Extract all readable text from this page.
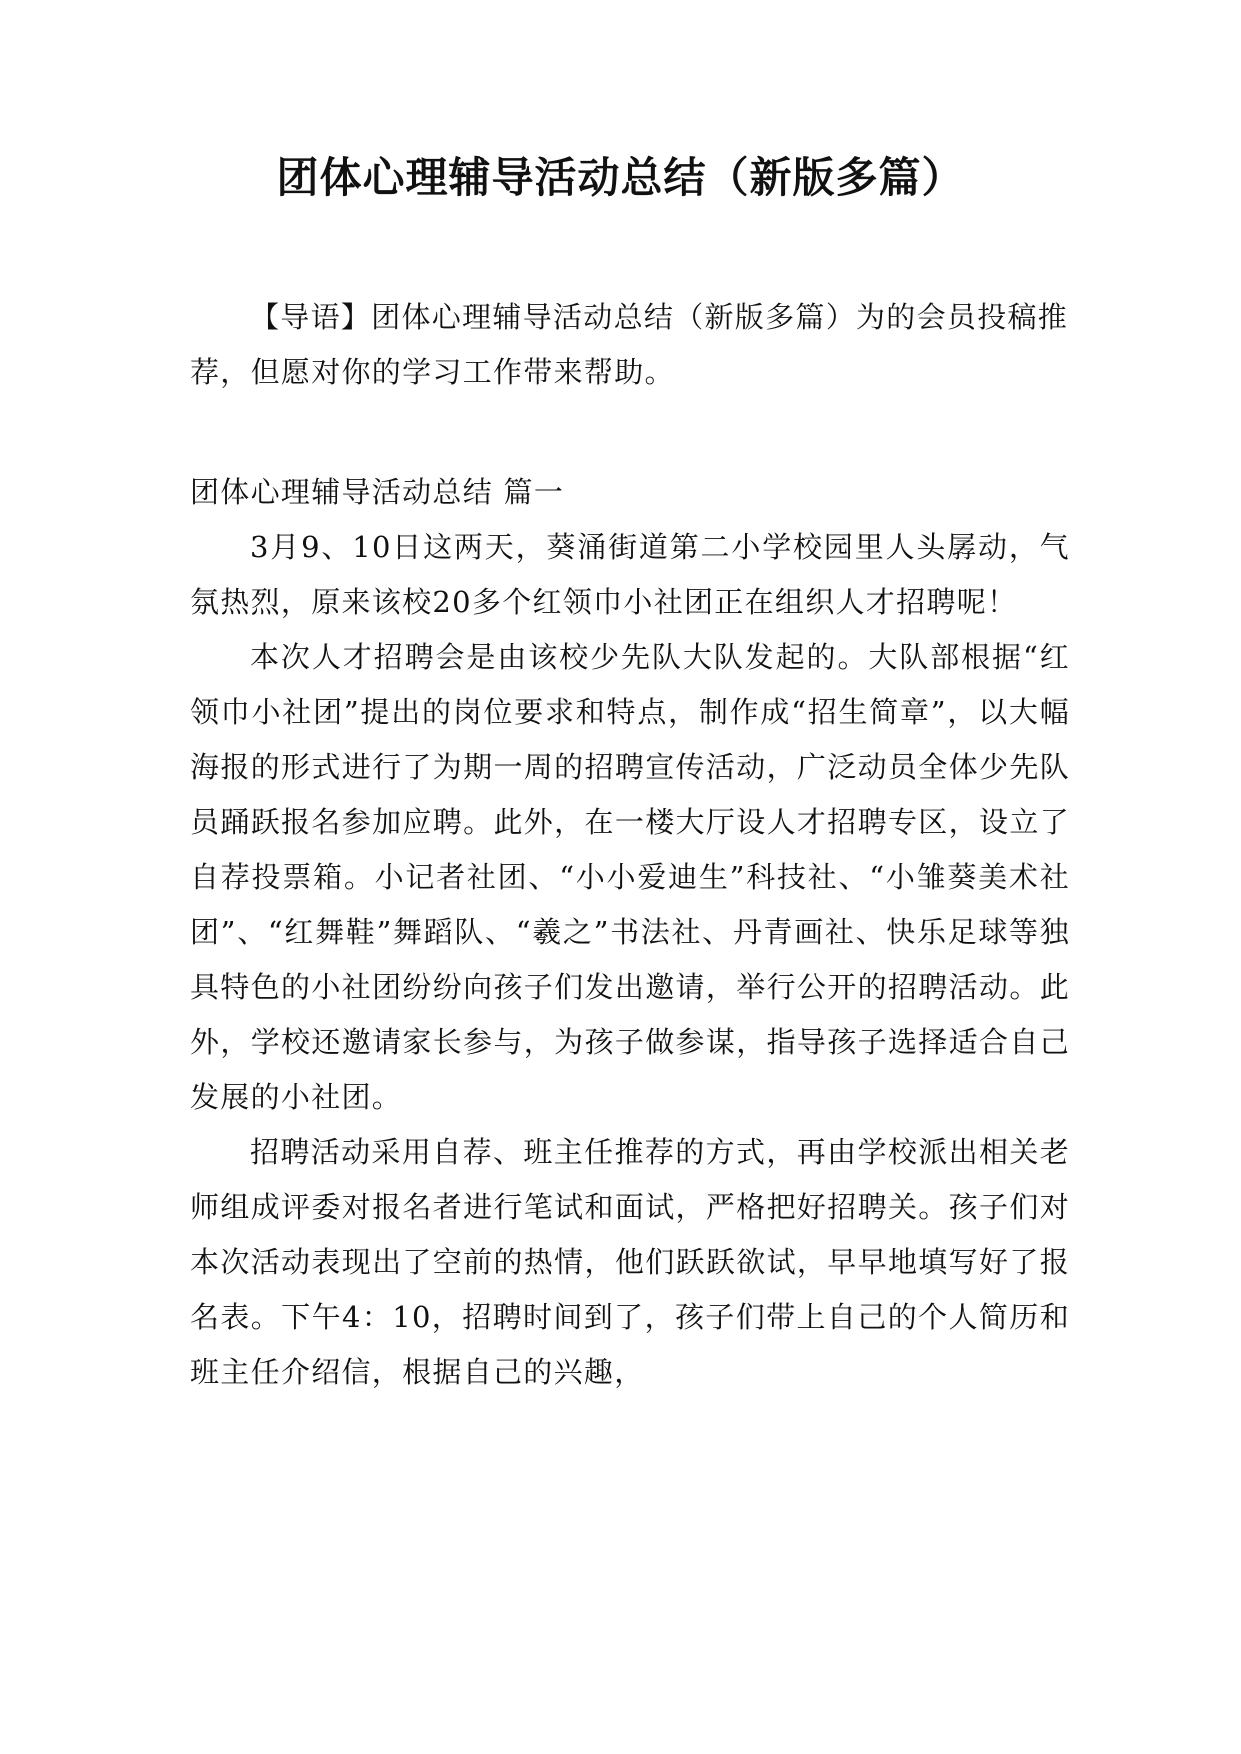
团体心理辅导活动总结（新版多篇）

【导语】团体心理辅导活动总结（新版多篇）为的会员投稿推荐，但愿对你的学习工作带来帮助。

团体心理辅导活动总结 篇一

3月9、10日这两天，葵涌街道第二小学校园里人头孱动，气氛热烈，原来该校20多个红领巾小社团正在组织人才招聘呢！

本次人才招聘会是由该校少先队大队发起的。大队部根据“红领巾小社团”提出的岗位要求和特点，制作成“招生简章”，以大幅海报的形式进行了为期一周的招聘宣传活动，广泛动员全体少先队员踊跃报名参加应聘。此外，在一楼大厅设人才招聘专区，设立了自荐投票箱。小记者社团、“小小爱迪生”科技社、“小雏葵美术社团”、“红舞鞋”舞蹈队、“羲之”书法社、丹青画社、快乐足球等独具特色的小社团纷纷向孩子们发出邀请，举行公开的招聘活动。此外，学校还邀请家长参与，为孩子做参谋，指导孩子选择适合自己发展的小社团。

招聘活动采用自荐、班主任推荐的方式，再由学校派出相关老师组成评委对报名者进行笔试和面试，严格把好招聘关。孩子们对本次活动表现出了空前的热情，他们跃跃欲试，早早地填写好了报名表。下午4：10，招聘时间到了，孩子们带上自己的个人简历和班主任介绍信，根据自己的兴趣，
